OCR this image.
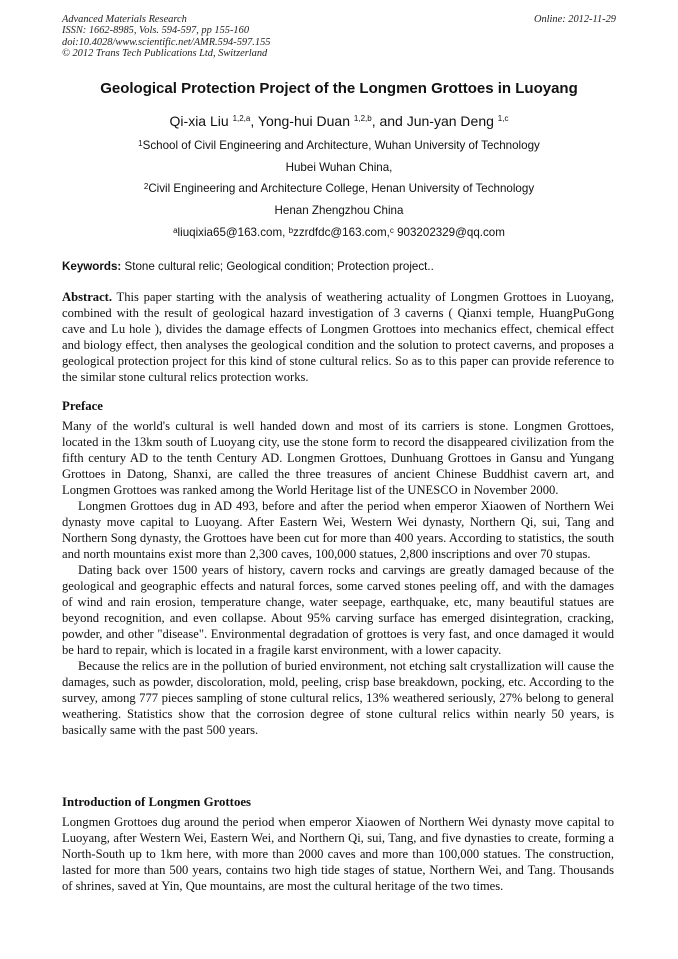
Advanced Materials Research
ISSN: 1662-8985, Vols. 594-597, pp 155-160
doi:10.4028/www.scientific.net/AMR.594-597.155
© 2012 Trans Tech Publications Ltd, Switzerland
Online: 2012-11-29
Geological Protection Project of the Longmen Grottoes in Luoyang
Qi-xia Liu $^{1,2,a}$, Yong-hui Duan $^{1,2,b}$, and Jun-yan Deng $^{1,c}$
$^1$School of Civil Engineering and Architecture, Wuhan University of Technology
Hubei Wuhan China,
$^2$Civil Engineering and Architecture College, Henan University of Technology
Henan Zhengzhou China
$^a$liuqixia65@163.com, $^b$zzrdfdc@163.com,$^c$ 903202329@qq.com
Keywords: Stone cultural relic; Geological condition; Protection project..
Abstract. This paper starting with the analysis of weathering actuality of Longmen Grottoes in Luoyang, combined with the result of geological hazard investigation of 3 caverns ( Qianxi temple, HuangPuGong cave and Lu hole ), divides the damage effects of Longmen Grottoes into mechanics effect, chemical effect and biology effect, then analyses the geological condition and the solution to protect caverns, and proposes a geological protection project for this kind of stone cultural relics. So as to this paper can provide reference to the similar stone cultural relics protection works.
Preface

Many of the world's cultural is well handed down and most of its carriers is stone. Longmen Grottoes, located in the 13km south of Luoyang city, use the stone form to record the disappeared civilization from the fifth century AD to the tenth Century AD. Longmen Grottoes, Dunhuang Grottoes in Gansu and Yungang Grottoes in Datong, Shanxi, are called the three treasures of ancient Chinese Buddhist cavern art, and Longmen Grottoes was ranked among the World Heritage list of the UNESCO in November 2000.

Longmen Grottoes dug in AD 493, before and after the period when emperor Xiaowen of Northern Wei dynasty move capital to Luoyang. After Eastern Wei, Western Wei dynasty, Northern Qi, sui, Tang and Northern Song dynasty, the Grottoes have been cut for more than 400 years. According to statistics, the south and north mountains exist more than 2,300 caves, 100,000 statues, 2,800 inscriptions and over 70 stupas.

Dating back over 1500 years of history, cavern rocks and carvings are greatly damaged because of the geological and geographic effects and natural forces, some carved stones peeling off, and with the damages of wind and rain erosion, temperature change, water seepage, earthquake, etc, many beautiful statues are beyond recognition, and even collapse. About 95% carving surface has emerged disintegration, cracking, powder, and other "disease". Environmental degradation of grottoes is very fast, and once damaged it would be hard to repair, which is located in a fragile karst environment, with a lower capacity.

Because the relics are in the pollution of buried environment, not etching salt crystallization will cause the damages, such as powder, discoloration, mold, peeling, crisp base breakdown, pocking, etc. According to the survey, among 777 pieces sampling of stone cultural relics, 13% weathered seriously, 27% belong to general weathering. Statistics show that the corrosion degree of stone cultural relics within nearly 50 years, is basically same with the past 500 years.

Introduction of Longmen Grottoes

Longmen Grottoes dug around the period when emperor Xiaowen of Northern Wei dynasty move capital to Luoyang, after Western Wei, Eastern Wei, and Northern Qi, sui, Tang, and five dynasties to create, forming a North-South up to 1km here, with more than 2000 caves and more than 100,000 statues. The construction, lasted for more than 500 years, contains two high tide stages of statue, Northern Wei, and Tang. Thousands of shrines, saved at Yin, Que mountains, are most the cultural heritage of the two times.
